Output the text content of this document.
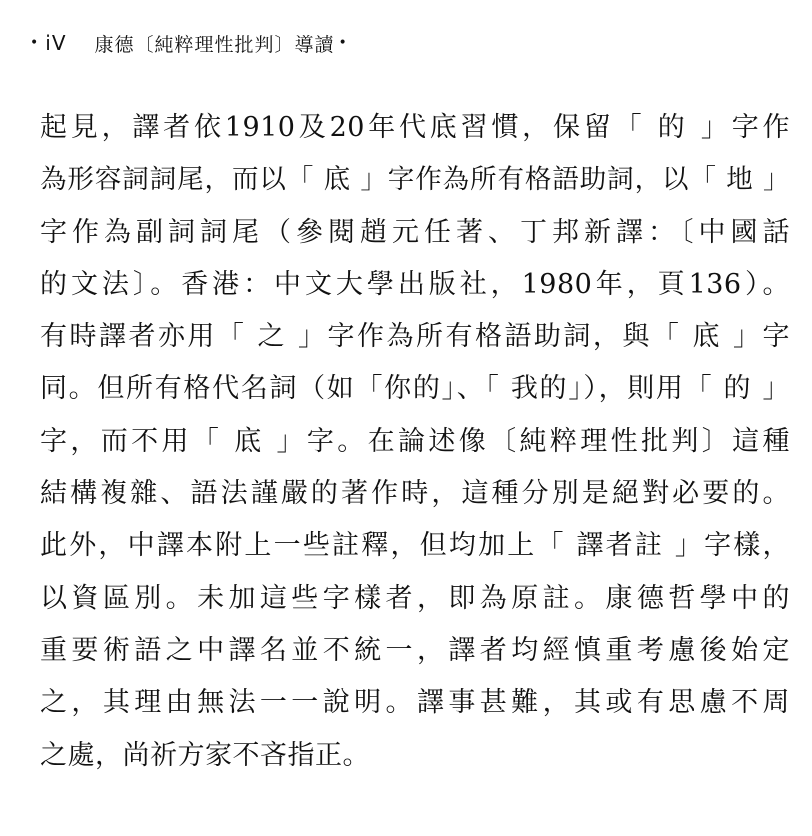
• iV 康德〔純粹理性批判〕導讀 •
起見，譯者依1910及20年代底習慣，保留「 的 」字作
為形容詞詞尾，而以「 底 」字作為所有格語助詞，以「 地 」
字作為副詞詞尾（參閱趙元任著、丁邦新譯：〔中國話
的文法〕。香港：中文大學出版社，1980年，頁136）。
有時譯者亦用「 之 」字作為所有格語助詞，與「 底 」字
同。但所有格代名詞（如「你的」、「 我的」），則用「 的 」
字，而不用「 底 」字。在論述像〔純粹理性批判〕這種
結構複雜、語法謹嚴的著作時，這種分別是絕對必要的。
此外，中譯本附上一些註釋，但均加上「 譯者註 」字樣，
以資區別。未加這些字樣者，即為原註。康德哲學中的
重要術語之中譯名並不統一，譯者均經慎重考慮後始定
之，其理由無法一一說明。譯事甚難，其或有思慮不周
之處，尚祈方家不吝指正。
